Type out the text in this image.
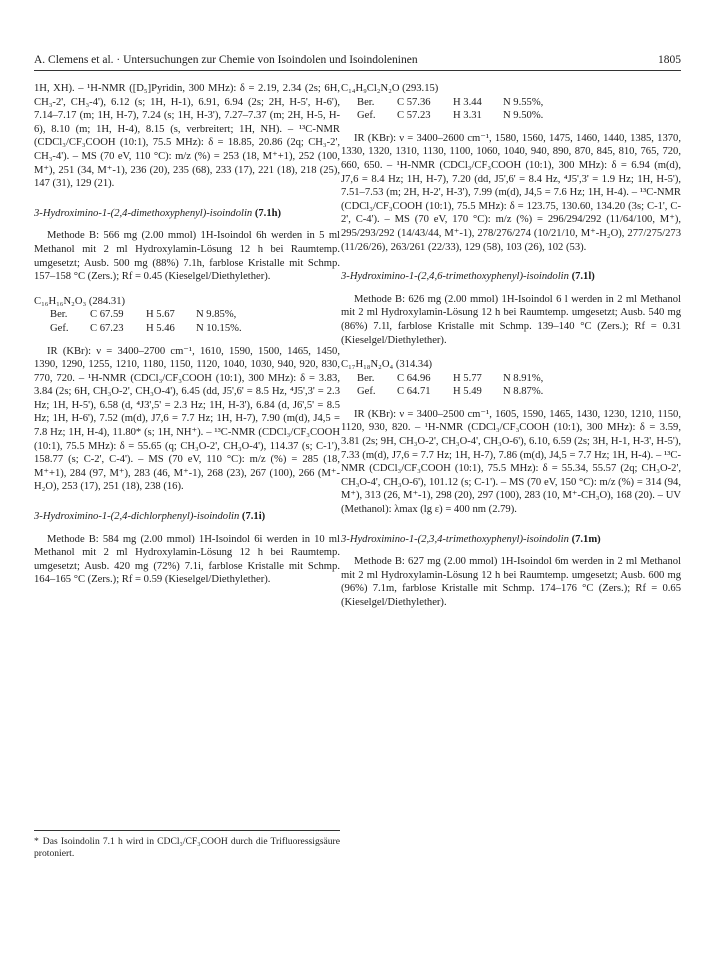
A. Clemens et al. · Untersuchungen zur Chemie von Isoindolen und Isoindoleninen	1805

1H, XH). – ¹H-NMR ([D₅]Pyridin, 300 MHz): δ = 2.19, 2.34 (2s; 6H, CH₃-2', CH₃-4'), 6.12 (s; 1H, H-1), 6.91, 6.94 (2s; 2H, H-5', H-6'), 7.14–7.17 (m; 1H, H-7), 7.24 (s; 1H, H-3'), 7.27–7.37 (m; 2H, H-5, H-6), 8.10 (m; 1H, H-4), 8.15 (s, verbreitert; 1H, NH). – ¹³C-NMR (CDCl₃/CF₃COOH (10:1), 75.5 MHz): δ = 18.85, 20.86 (2q; CH₃-2', CH₃-4'). – MS (70 eV, 110 °C): m/z (%) = 253 (18, M⁺+1), 252 (100, M⁺), 251 (34, M⁺-1), 236 (20), 235 (68), 233 (17), 221 (18), 218 (25), 147 (31), 129 (21).

3-Hydroximino-1-(2,4-dimethoxyphenyl)-isoindolin (7.1h)

Methode B: 566 mg (2.00 mmol) 1H-Isoindol 6h werden in 5 ml Methanol mit 2 ml Hydroxylamin-Lösung 12 h bei Raumtemp. umgesetzt; Ausb. 500 mg (88%) 7.1h, farblose Kristalle mit Schmp. 157–158 °C (Zers.); Rf = 0.45 (Kieselgel/Diethylether).

C₁₆H₁₆N₂O₃ (284.31)

Ber.	C 67.59	H 5.67	N 9.85%,
Gef.	C 67.23	H 5.46	N 10.15%.

IR (KBr): ν = 3400–2700 cm⁻¹, 1610, 1590, 1500, 1465, 1450, 1390, 1290, 1255, 1210, 1180, 1150, 1120, 1040, 1030, 940, 920, 830, 770, 720. – ¹H-NMR (CDCl₃/CF₃COOH (10:1), 300 MHz): δ = 3.83, 3.84 (2s; 6H, CH₃O-2', CH₃O-4'), 6.45 (dd, J5',6' = 8.5 Hz, ⁴J5',3' = 2.3 Hz; 1H, H-5'), 6.58 (d, ⁴J3',5' = 2.3 Hz; 1H, H-3'), 6.84 (d, J6',5' = 8.5 Hz; 1H, H-6'), 7.52 (m(d), J7,6 = 7.7 Hz; 1H, H-7), 7.90 (m(d), J4,5 = 7.8 Hz; 1H, H-4), 11.80* (s; 1H, NH⁺). – ¹³C-NMR (CDCl₃/CF₃COOH (10:1), 75.5 MHz): δ = 55.65 (q; CH₃O-2', CH₃O-4'), 114.37 (s; C-1'), 158.77 (s; C-2', C-4'). – MS (70 eV, 110 °C): m/z (%) = 285 (18, M⁺+1), 284 (97, M⁺), 283 (46, M⁺-1), 268 (23), 267 (100), 266 (M⁺-H₂O), 253 (17), 251 (18), 238 (16).

3-Hydroximino-1-(2,4-dichlorphenyl)-isoindolin (7.1i)

Methode B: 584 mg (2.00 mmol) 1H-Isoindol 6i werden in 10 ml Methanol mit 2 ml Hydroxylamin-Lösung 12 h bei Raumtemp. umgesetzt; Ausb. 420 mg (72%) 7.1i, farblose Kristalle mit Schmp. 164–165 °C (Zers.); Rf = 0.59 (Kieselgel/Diethylether).

* Das Isoindolin 7.1 h wird in CDCl₃/CF₃COOH durch die Trifluoressigsäure protoniert.

C₁₄H₉Cl₂N₂O (293.15)

Ber.	C 57.36	H 3.44	N 9.55%,
Gef.	C 57.23	H 3.31	N 9.50%.

IR (KBr): ν = 3400–2600 cm⁻¹, 1580, 1560, 1475, 1460, 1440, 1385, 1370, 1330, 1320, 1310, 1130, 1100, 1060, 1040, 940, 890, 870, 845, 810, 765, 720, 660, 650. – ¹H-NMR (CDCl₃/CF₃COOH (10:1), 300 MHz): δ = 6.94 (m(d), J7,6 = 8.4 Hz; 1H, H-7), 7.20 (dd, J5',6' = 8.4 Hz, ⁴J5',3' = 1.9 Hz; 1H, H-5'), 7.51–7.53 (m; 2H, H-2', H-3'), 7.99 (m(d), J4,5 = 7.6 Hz; 1H, H-4). – ¹³C-NMR (CDCl₃/CF₃COOH (10:1), 75.5 MHz): δ = 123.75, 130.60, 134.20 (3s; C-1', C-2', C-4'). – MS (70 eV, 170 °C): m/z (%) = 296/294/292 (11/64/100, M⁺), 295/293/292 (14/43/44, M⁺-1), 278/276/274 (10/21/10, M⁺-H₂O), 277/275/273 (11/26/26), 263/261 (22/33), 129 (58), 103 (26), 102 (53).

3-Hydroximino-1-(2,4,6-trimethoxyphenyl)-isoindolin (7.1l)

Methode B: 626 mg (2.00 mmol) 1H-Isoindol 6 l werden in 2 ml Methanol mit 2 ml Hydroxylamin-Lösung 12 h bei Raumtemp. umgesetzt; Ausb. 540 mg (86%) 7.1l, farblose Kristalle mit Schmp. 139–140 °C (Zers.); Rf = 0.31 (Kieselgel/Diethylether).

C₁₇H₁₈N₂O₄ (314.34)

Ber.	C 64.96	H 5.77	N 8.91%,
Gef.	C 64.71	H 5.49	N 8.87%.

IR (KBr): ν = 3400–2500 cm⁻¹, 1605, 1590, 1465, 1430, 1230, 1210, 1150, 1120, 930, 820. – ¹H-NMR (CDCl₃/CF₃COOH (10:1), 300 MHz): δ = 3.59, 3.81 (2s; 9H, CH₃O-2', CH₃O-4', CH₃O-6'), 6.10, 6.59 (2s; 3H, H-1, H-3', H-5'), 7.33 (m(d), J7,6 = 7.7 Hz; 1H, H-7), 7.86 (m(d), J4,5 = 7.7 Hz; 1H, H-4). – ¹³C-NMR (CDCl₃/CF₃COOH (10:1), 75.5 MHz): δ = 55.34, 55.57 (2q; CH₃O-2', CH₃O-4', CH₃O-6'), 101.12 (s; C-1'). – MS (70 eV, 150 °C): m/z (%) = 314 (94, M⁺), 313 (26, M⁺-1), 298 (20), 297 (100), 283 (10, M⁺-CH₃O), 168 (20). – UV (Methanol): λmax (lg ε) = 400 nm (2.79).

3-Hydroximino-1-(2,3,4-trimethoxyphenyl)-isoindolin (7.1m)

Methode B: 627 mg (2.00 mmol) 1H-Isoindol 6m werden in 2 ml Methanol mit 2 ml Hydroxylamin-Lösung 12 h bei Raumtemp. umgesetzt; Ausb. 600 mg (96%) 7.1m, farblose Kristalle mit Schmp. 174–176 °C (Zers.); Rf = 0.65 (Kieselgel/Diethylether).
